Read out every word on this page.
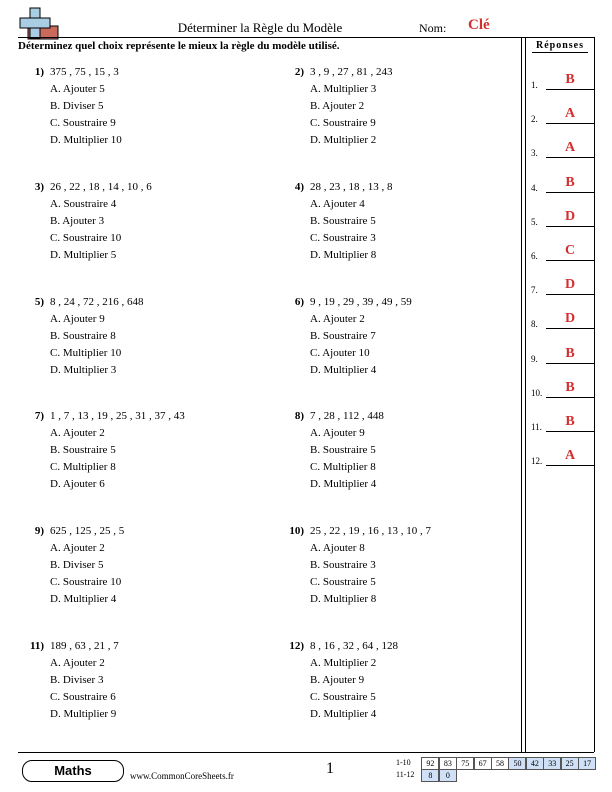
Déterminer la Règle du Modèle	Nom: Clé
Déterminez quel choix représente le mieux la règle du modèle utilisé.
1) 375 , 75 , 15 , 3
A. Ajouter 5
B. Diviser 5
C. Soustraire 9
D. Multiplier 10
2) 3 , 9 , 27 , 81 , 243
A. Multiplier 3
B. Ajouter 2
C. Soustraire 9
D. Multiplier 2
3) 26 , 22 , 18 , 14 , 10 , 6
A. Soustraire 4
B. Ajouter 3
C. Soustraire 10
D. Multiplier 5
4) 28 , 23 , 18 , 13 , 8
A. Ajouter 4
B. Soustraire 5
C. Soustraire 3
D. Multiplier 8
5) 8 , 24 , 72 , 216 , 648
A. Ajouter 9
B. Soustraire 8
C. Multiplier 10
D. Multiplier 3
6) 9 , 19 , 29 , 39 , 49 , 59
A. Ajouter 2
B. Soustraire 7
C. Ajouter 10
D. Multiplier 4
7) 1 , 7 , 13 , 19 , 25 , 31 , 37 , 43
A. Ajouter 2
B. Soustraire 5
C. Multiplier 8
D. Ajouter 6
8) 7 , 28 , 112 , 448
A. Ajouter 9
B. Soustraire 5
C. Multiplier 8
D. Multiplier 4
9) 625 , 125 , 25 , 5
A. Ajouter 2
B. Diviser 5
C. Soustraire 10
D. Multiplier 4
10) 25 , 22 , 19 , 16 , 13 , 10 , 7
A. Ajouter 8
B. Soustraire 3
C. Soustraire 5
D. Multiplier 8
11) 189 , 63 , 21 , 7
A. Ajouter 2
B. Diviser 3
C. Soustraire 6
D. Multiplier 9
12) 8 , 16 , 32 , 64 , 128
A. Multiplier 2
B. Ajouter 9
C. Soustraire 5
D. Multiplier 4
Réponses
1.	B
2.	A
3.	A
4.	B
5.	D
6.	C
7.	D
8.	D
9.	B
10.	B
11.	B
12.	A
Maths	www.CommonCoreSheets.fr	1	1-10	92	83	75	67	58	50	42	33	25	17
11-12	8	0
